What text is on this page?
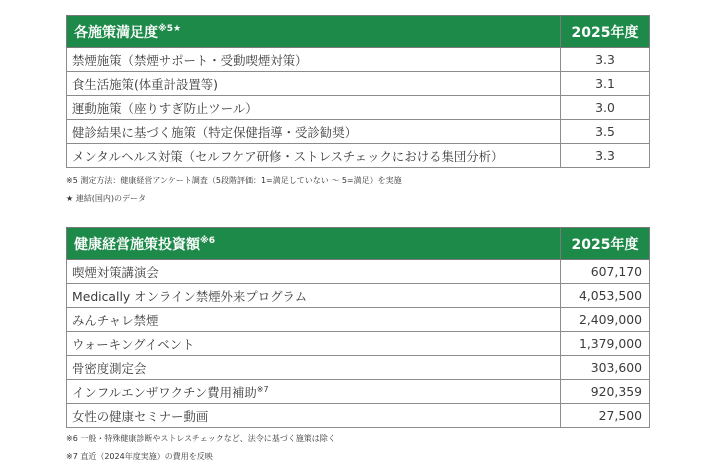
各施策満足度$^{※5★}$	2025年度
禁煙施策（禁煙サポート・受動喫煙対策）	3.3
食生活施策(体重計設置等)	3.1
運動施策（座りすぎ防止ツール）	3.0
健診結果に基づく施策（特定保健指導・受診勧奨）	3.5
メンタルヘルス対策（セルフケア研修・ストレスチェックにおける集団分析）	3.3
※5 測定方法：健康経営アンケート調査（5段階評価：1=満足していない ～ 5=満足）を実施
★ 連結(国内)のデータ
健康経営施策投資額$^{※6}$	2025年度
喫煙対策講演会	607,170
Medically オンライン禁煙外来プログラム	4,053,500
みんチャレ禁煙	2,409,000
ウォーキングイベント	1,379,000
骨密度測定会	303,600
インフルエンザワクチン費用補助$^{※7}$	920,359
女性の健康セミナー動画	27,500
※6 一般・特殊健康診断やストレスチェックなど、法令に基づく施策は除く
※7 直近（2024年度実施）の費用を反映
